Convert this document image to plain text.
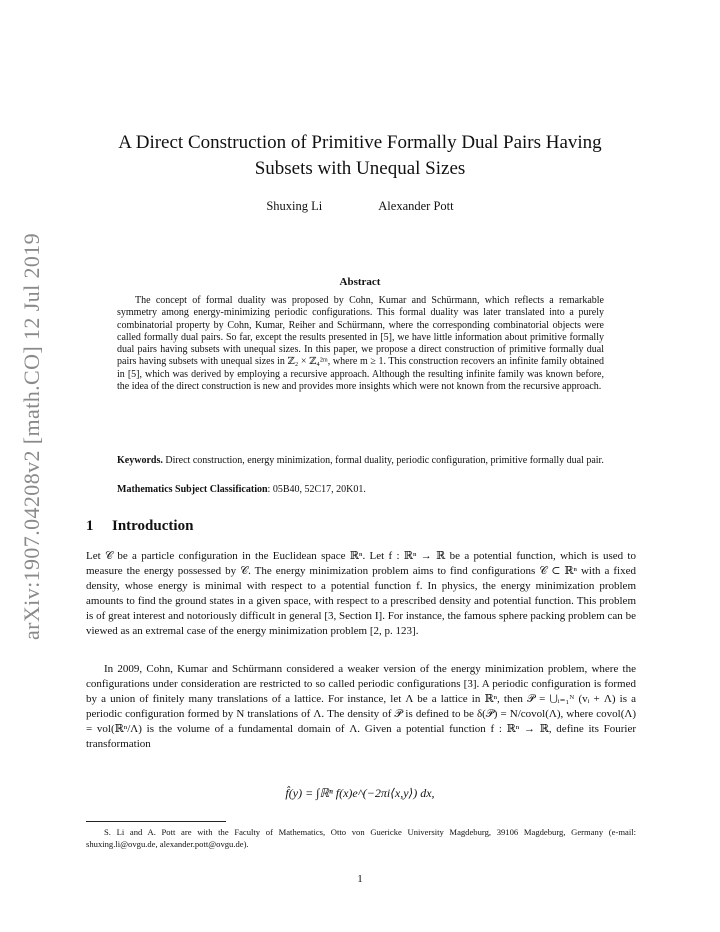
arXiv:1907.04208v2 [math.CO] 12 Jul 2019
A Direct Construction of Primitive Formally Dual Pairs Having Subsets with Unequal Sizes
Shuxing Li	Alexander Pott
Abstract

The concept of formal duality was proposed by Cohn, Kumar and Schürmann, which reflects a remarkable symmetry among energy-minimizing periodic configurations. This formal duality was later translated into a purely combinatorial property by Cohn, Kumar, Reiher and Schürmann, where the corresponding combinatorial objects were called formally dual pairs. So far, except the results presented in [5], we have little information about primitive formally dual pairs having subsets with unequal sizes. In this paper, we propose a direct construction of primitive formally dual pairs having subsets with unequal sizes in ℤ₂ × ℤ₄²ᵐ, where m ≥ 1. This construction recovers an infinite family obtained in [5], which was derived by employing a recursive approach. Although the resulting infinite family was known before, the idea of the direct construction is new and provides more insights which were not known from the recursive approach.

Keywords. Direct construction, energy minimization, formal duality, periodic configuration, primitive formally dual pair.

Mathematics Subject Classification: 05B40, 52C17, 20K01.

1 Introduction

Let 𝒞 be a particle configuration in the Euclidean space ℝⁿ. Let f : ℝⁿ → ℝ be a potential function, which is used to measure the energy possessed by 𝒞. The energy minimization problem aims to find configurations 𝒞 ⊂ ℝⁿ with a fixed density, whose energy is minimal with respect to a potential function f. In physics, the energy minimization problem amounts to find the ground states in a given space, with respect to a prescribed density and potential function. This problem is of great interest and notoriously difficult in general [3, Section I]. For instance, the famous sphere packing problem can be viewed as an extremal case of the energy minimization problem [2, p. 123].

In 2009, Cohn, Kumar and Schürmann considered a weaker version of the energy minimization problem, where the configurations under consideration are restricted to so called periodic configurations [3]. A periodic configuration is formed by a union of finitely many translations of a lattice. For instance, let Λ be a lattice in ℝⁿ, then 𝒫 = ⋃ᵢ₌₁ᴺ (vᵢ + Λ) is a periodic configuration formed by N translations of Λ. The density of 𝒫 is defined to be δ(𝒫) = N/covol(Λ), where covol(Λ) = vol(ℝⁿ/Λ) is the volume of a fundamental domain of Λ. Given a potential function f : ℝⁿ → ℝ, define its Fourier transformation

f̂(y) = ∫ℝⁿ f(x)e^(−2πi⟨x,y⟩) dx,

S. Li and A. Pott are with the Faculty of Mathematics, Otto von Guericke University Magdeburg, 39106 Magdeburg, Germany (e-mail: shuxing.li@ovgu.de, alexander.pott@ovgu.de).

1
